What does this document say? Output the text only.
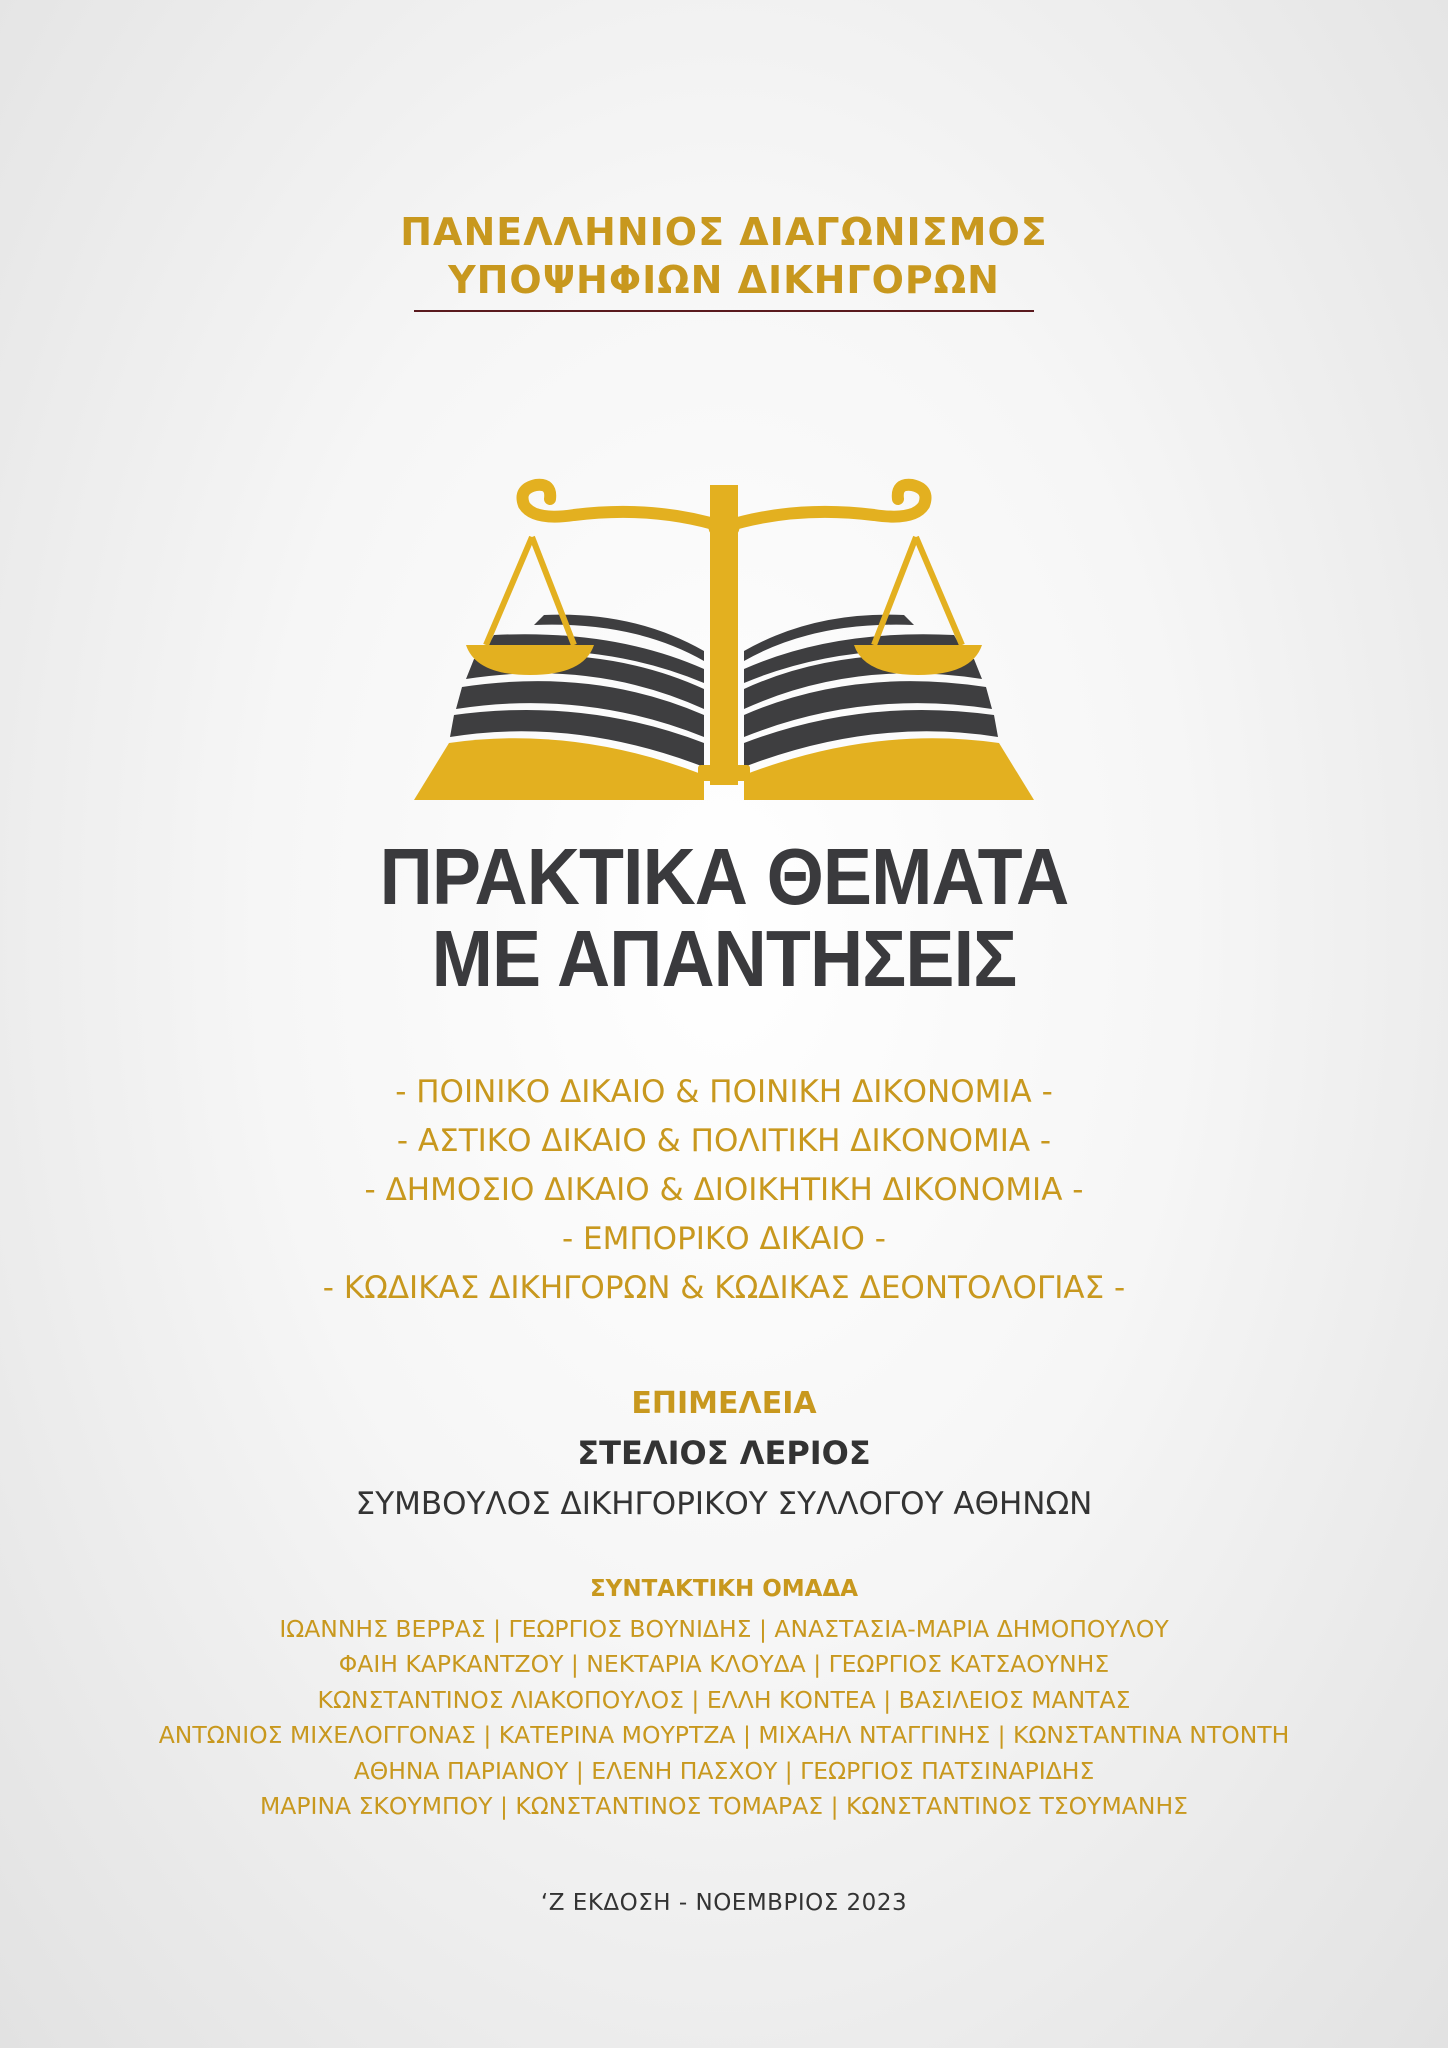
ΠΑΝΕΛΛΗΝΙΟΣ ΔΙΑΓΩΝΙΣΜΟΣ
ΥΠΟΨΗΦΙΩΝ ΔΙΚΗΓΟΡΩΝ
ΠΡΑΚΤΙΚΑ ΘΕΜΑΤΑ
ΜΕ ΑΠΑΝΤΗΣΕΙΣ
- ΠΟΙΝΙΚΟ ΔΙΚΑΙΟ & ΠΟΙΝΙΚΗ ΔΙΚΟΝΟΜΙΑ -
- ΑΣΤΙΚΟ ΔΙΚΑΙΟ & ΠΟΛΙΤΙΚΗ ΔΙΚΟΝΟΜΙΑ -
- ΔΗΜΟΣΙΟ ΔΙΚΑΙΟ & ΔΙΟΙΚΗΤΙΚΗ ΔΙΚΟΝΟΜΙΑ -
- ΕΜΠΟΡΙΚΟ ΔΙΚΑΙΟ -
- ΚΩΔΙΚΑΣ ΔΙΚΗΓΟΡΩΝ & ΚΩΔΙΚΑΣ ΔΕΟΝΤΟΛΟΓΙΑΣ -
ΕΠΙΜΕΛΕΙΑ
ΣΤΕΛΙΟΣ ΛΕΡΙΟΣ
ΣΥΜΒΟΥΛΟΣ ΔΙΚΗΓΟΡΙΚΟΥ ΣΥΛΛΟΓΟΥ ΑΘΗΝΩΝ
ΣΥΝΤΑΚΤΙΚΗ ΟΜΑΔΑ
ΙΩΑΝΝΗΣ ΒΕΡΡΑΣ | ΓΕΩΡΓΙΟΣ ΒΟΥΝΙΔΗΣ | ΑΝΑΣΤΑΣΙΑ-ΜΑΡΙΑ ΔΗΜΟΠΟΥΛΟΥ
ΦΑΙΗ ΚΑΡΚΑΝΤΖΟΥ | ΝΕΚΤΑΡΙΑ ΚΛΟΥΔΑ | ΓΕΩΡΓΙΟΣ ΚΑΤΣΑΟΥΝΗΣ
ΚΩΝΣΤΑΝΤΙΝΟΣ ΛΙΑΚΟΠΟΥΛΟΣ | ΕΛΛΗ ΚΟΝΤΕΑ | ΒΑΣΙΛΕΙΟΣ ΜΑΝΤΑΣ
ΑΝΤΩΝΙΟΣ ΜΙΧΕΛΟΓΓΟΝΑΣ | ΚΑΤΕΡΙΝΑ ΜΟΥΡΤΖΑ | ΜΙΧΑΗΛ ΝΤΑΓΓΙΝΗΣ | ΚΩΝΣΤΑΝΤΙΝΑ ΝΤΟΝΤΗ
ΑΘΗΝΑ ΠΑΡΙΑΝΟΥ | ΕΛΕΝΗ ΠΑΣΧΟΥ | ΓΕΩΡΓΙΟΣ ΠΑΤΣΙΝΑΡΙΔΗΣ
ΜΑΡΙΝΑ ΣΚΟΥΜΠΟΥ | ΚΩΝΣΤΑΝΤΙΝΟΣ ΤΟΜΑΡΑΣ | ΚΩΝΣΤΑΝΤΙΝΟΣ ΤΣΟΥΜΑΝΗΣ
‘Ζ ΕΚΔΟΣΗ - ΝΟΕΜΒΡΙΟΣ 2023
